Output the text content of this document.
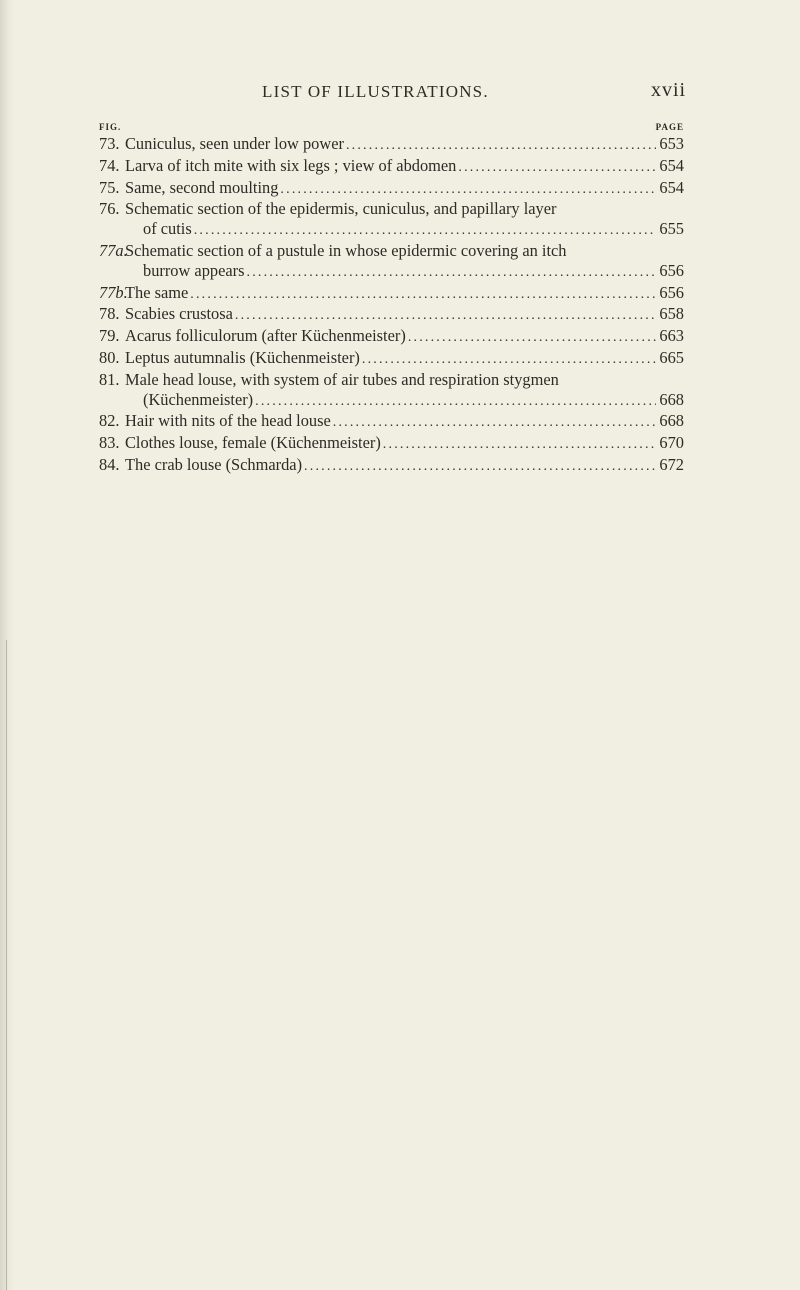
LIST OF ILLUSTRATIONS.	xvii
FIG.	PAGE
73. Cuniculus, seen under low power .....	653
74. Larva of itch mite with six legs ; view of abdomen .....	654
75. Same, second moulting .....	654
76. Schematic section of the epidermis, cuniculus, and papillary layer
of cutis .....	655
77a.
Schematic section of a pustule in whose epidermic covering an itch
burrow appears .....	656
77b.
The same .....	656
78. Scabies crustosa .....	658
79. Acarus folliculorum (after Küchenmeister) .....	663
80. Leptus autumnalis (Küchenmeister) .....	665
81. Male head louse, with system of air tubes and respiration stygmen
(Küchenmeister) .....	668
82. Hair with nits of the head louse .....	668
83. Clothes louse, female (Küchenmeister) .....	670
84. The crab louse (Schmarda) .....	672
